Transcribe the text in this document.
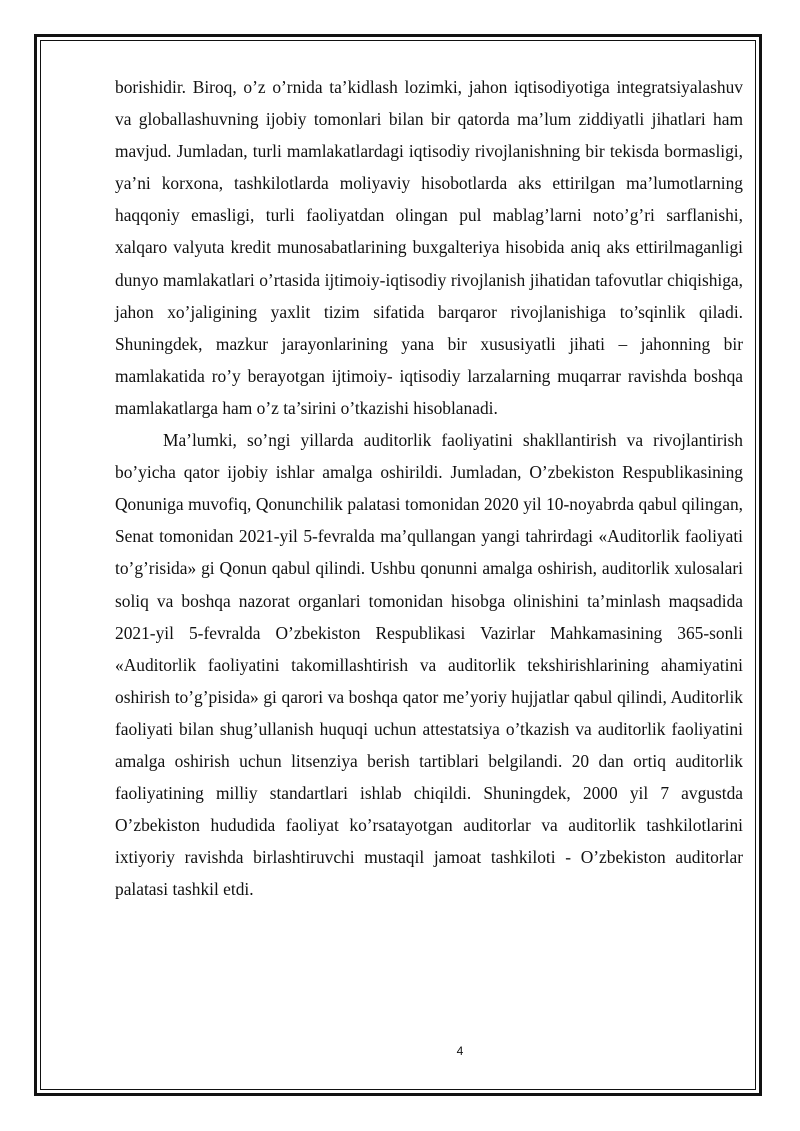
borishidir. Biroq, o’z o’rnida ta’kidlash lozimki, jahon iqtisodiyotiga integratsiyalashuv va globallashuvning ijobiy tomonlari bilan bir qatorda ma’lum ziddiyatli jihatlari ham mavjud. Jumladan, turli mamlakatlardagi iqtisodiy rivojlanishning bir tekisda bormasligi, ya’ni korxona, tashkilotlarda moliyaviy hisobotlarda aks ettirilgan ma’lumotlarning haqqoniy emasligi, turli faoliyatdan olingan pul mablag’larni noto’g’ri sarflanishi, xalqaro valyuta kredit munosabatlarining buxgalteriya hisobida aniq aks ettirilmaganligi dunyo mamlakatlari o’rtasida ijtimoiy-iqtisodiy rivojlanish jihatidan tafovutlar chiqishiga, jahon xo’jaligining yaxlit tizim sifatida barqaror rivojlanishiga to’sqinlik qiladi. Shuningdek, mazkur jarayonlarining yana bir xususiyatli jihati – jahonning bir mamlakatida ro’y berayotgan ijtimoiy- iqtisodiy larzalarning muqarrar ravishda boshqa mamlakatlarga ham o’z ta’sirini o’tkazishi hisoblanadi.

Ma’lumki, so’ngi yillarda auditorlik faoliyatini shakllantirish va rivojlantirish bo’yicha qator ijobiy ishlar amalga oshirildi. Jumladan, O’zbekiston Respublikasining Qonuniga muvofiq, Qonunchilik palatasi tomonidan 2020 yil 10-noyabrda qabul qilingan, Senat tomonidan 2021-yil 5-fevralda ma’qullangan yangi tahrirdagi «Auditorlik faoliyati to’g’risida» gi Qonun qabul qilindi. Ushbu qonunni amalga oshirish, auditorlik xulosalari soliq va boshqa nazorat organlari tomonidan hisobga olinishini ta’minlash maqsadida 2021-yil 5-fevralda O’zbekiston Respublikasi Vazirlar Mahkamasining 365-sonli «Auditorlik faoliyatini takomillashtirish va auditorlik tekshirishlarining ahamiyatini oshirish to’g’pisida» gi qarori va boshqa qator me’yoriy hujjatlar qabul qilindi, Auditorlik faoliyati bilan shug’ullanish huquqi uchun attestatsiya o’tkazish va auditorlik faoliyatini amalga oshirish uchun litsenziya berish tartiblari belgilandi. 20 dan ortiq auditorlik faoliyatining milliy standartlari ishlab chiqildi. Shuningdek, 2000 yil 7 avgustda O’zbekiston hududida faoliyat ko’rsatayotgan auditorlar va auditorlik tashkilotlarini ixtiyoriy ravishda birlashtiruvchi mustaqil jamoat tashkiloti - O’zbekiston auditorlar palatasi tashkil etdi.

4
